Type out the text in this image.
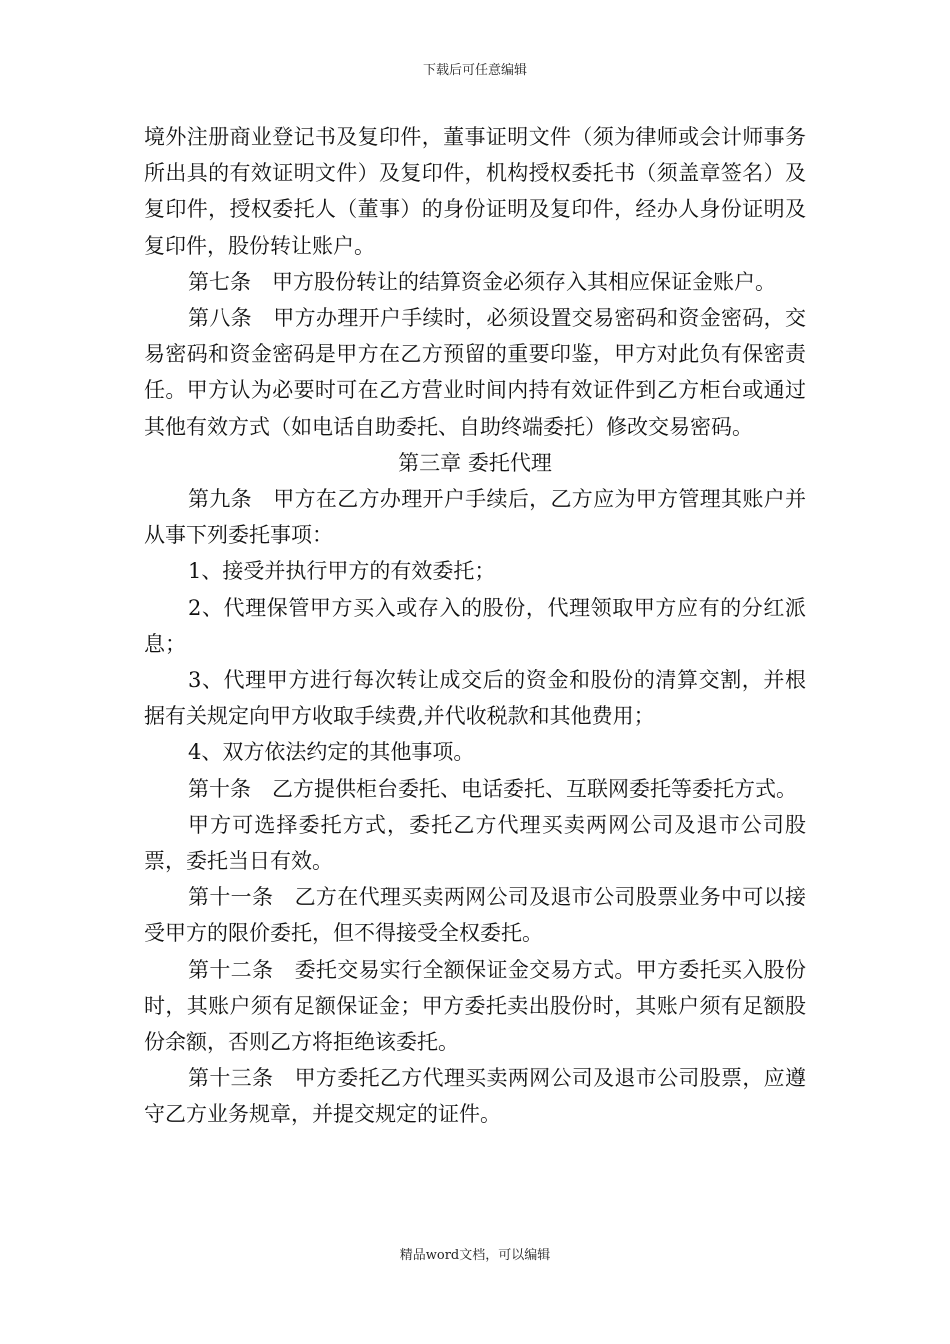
下载后可任意编辑

境外注册商业登记书及复印件，董事证明文件（须为律师或会计师事务所出具的有效证明文件）及复印件，机构授权委托书（须盖章签名）及复印件，授权委托人（董事）的身份证明及复印件，经办人身份证明及复印件，股份转让账户。

第七条　甲方股份转让的结算资金必须存入其相应保证金账户。

第八条　甲方办理开户手续时，必须设置交易密码和资金密码，交易密码和资金密码是甲方在乙方预留的重要印鉴，甲方对此负有保密责任。甲方认为必要时可在乙方营业时间内持有效证件到乙方柜台或通过其他有效方式（如电话自助委托、自助终端委托）修改交易密码。

第三章 委托代理

第九条　甲方在乙方办理开户手续后，乙方应为甲方管理其账户并从事下列委托事项：

1、接受并执行甲方的有效委托；

2、代理保管甲方买入或存入的股份，代理领取甲方应有的分红派息；

3、代理甲方进行每次转让成交后的资金和股份的清算交割，并根据有关规定向甲方收取手续费,并代收税款和其他费用；

4、双方依法约定的其他事项。

第十条　乙方提供柜台委托、电话委托、互联网委托等委托方式。

甲方可选择委托方式，委托乙方代理买卖两网公司及退市公司股票，委托当日有效。

第十一条　乙方在代理买卖两网公司及退市公司股票业务中可以接受甲方的限价委托，但不得接受全权委托。

第十二条　委托交易实行全额保证金交易方式。甲方委托买入股份时，其账户须有足额保证金；甲方委托卖出股份时，其账户须有足额股份余额，否则乙方将拒绝该委托。

第十三条　甲方委托乙方代理买卖两网公司及退市公司股票，应遵守乙方业务规章，并提交规定的证件。

精品word文档，可以编辑
